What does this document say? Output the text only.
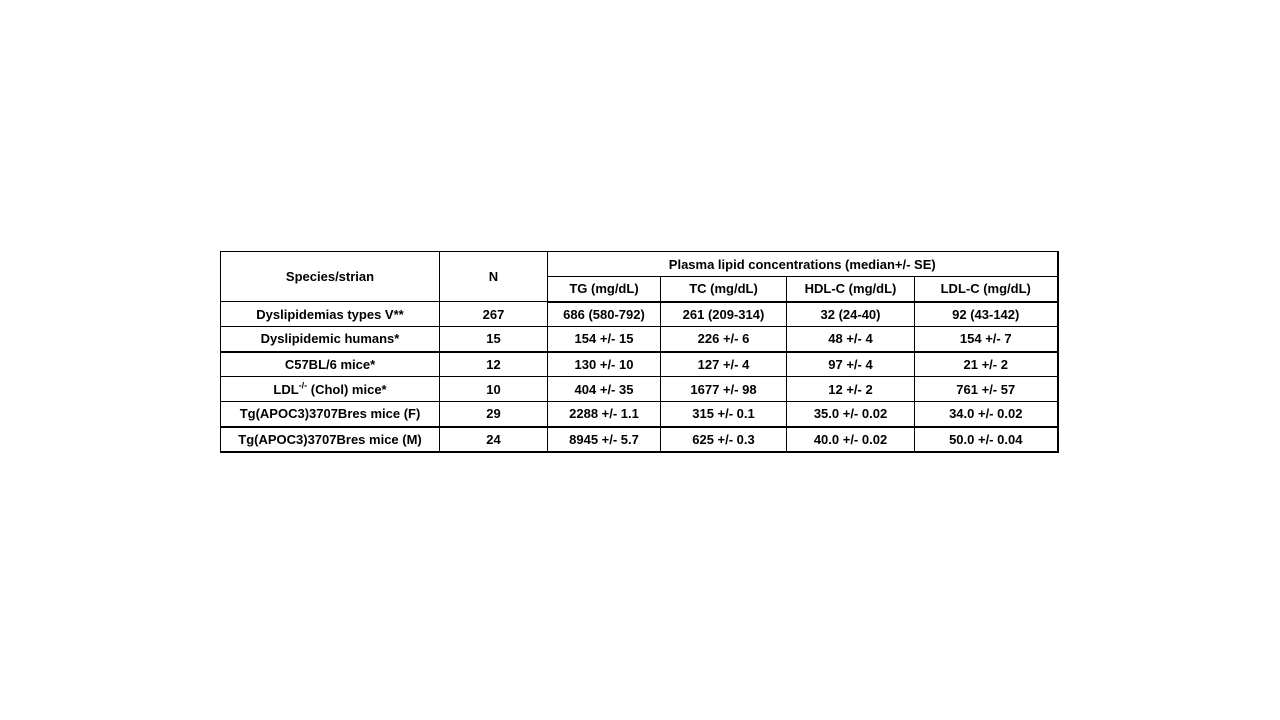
Species/strian	N	Plasma lipid concentrations (median+/- SE)			
		TG (mg/dL)	TC (mg/dL)	HDL-C (mg/dL)	LDL-C (mg/dL)
Dyslipidemias types V**	267	686 (580-792)	261 (209-314)	32 (24-40)	92 (43-142)
Dyslipidemic humans*	15	154 +/- 15	226 +/- 6	48 +/- 4	154 +/- 7
C57BL/6 mice*	12	130 +/- 10	127 +/- 4	97 +/- 4	21 +/- 2
LDL-/- (Chol) mice*	10	404 +/- 35	1677 +/- 98	12 +/- 2	761 +/- 57
Tg(APOC3)3707Bres mice (F)	29	2288 +/- 1.1	315 +/- 0.1	35.0 +/- 0.02	34.0 +/- 0.02
Tg(APOC3)3707Bres mice (M)	24	8945 +/- 5.7	625 +/- 0.3	40.0 +/- 0.02	50.0 +/- 0.04
